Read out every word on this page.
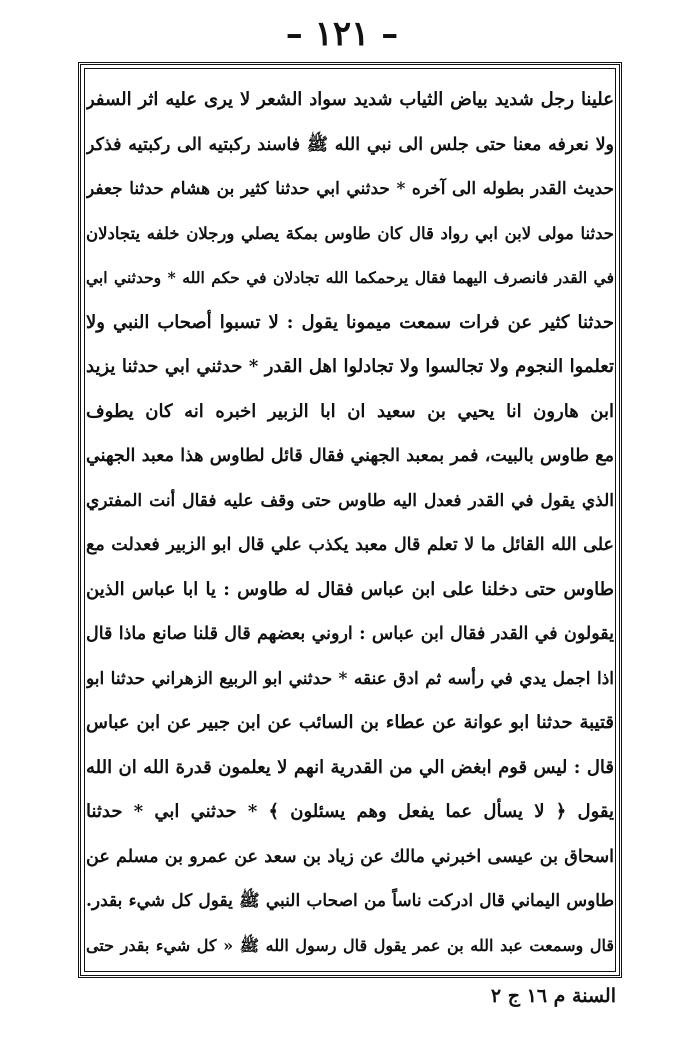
– ١٢١ –
علينا رجل شديد بياض الثياب شديد سواد الشعر لا يرى عليه اثر السفر
ولا نعرفه معنا حتى جلس الى نبي الله ﷺ فاسند ركبتيه الى ركبتيه فذكر
حديث القدر بطوله الى آخره * حدثني ابي حدثنا كثير بن هشام حدثنا جعفر
حدثنا مولى لابن ابي رواد قال كان طاوس بمكة يصلي ورجلان خلفه يتجادلان
في القدر فانصرف اليهما فقال يرحمكما الله تجادلان في حكم الله * وحدثني ابي
حدثنا كثير عن فرات سمعت ميمونا يقول : لا تسبوا أصحاب النبي ولا
تعلموا النجوم ولا تجالسوا ولا تجادلوا اهل القدر * حدثني ابي حدثنا يزيد
ابن هارون انا يحيي بن سعيد ان ابا الزبير اخبره انه كان يطوف
مع طاوس بالبيت، فمر بمعبد الجهني فقال قائل لطاوس هذا معبد الجهني
الذي يقول في القدر فعدل اليه طاوس حتى وقف عليه فقال أنت المفتري
على الله القائل ما لا تعلم قال معبد يكذب علي قال ابو الزبير فعدلت مع
طاوس حتى دخلنا على ابن عباس فقال له طاوس : يا ابا عباس الذين
يقولون في القدر فقال ابن عباس : اروني بعضهم قال قلنا صانع ماذا قال
اذا اجمل يدي في رأسه ثم ادق عنقه * حدثني ابو الربيع الزهراني حدثنا ابو
قتيبة حدثنا ابو عوانة عن عطاء بن السائب عن ابن جبير عن ابن عباس
قال : ليس قوم ابغض الي من القدرية انهم لا يعلمون قدرة الله ان الله
يقول ﴿ لا يسأل عما يفعل وهم يسئلون ﴾ * حدثني ابي * حدثنا
اسحاق بن عيسى اخبرني مالك عن زياد بن سعد عن عمرو بن مسلم عن
طاوس اليماني قال ادركت ناساً من اصحاب النبي ﷺ يقول كل شيء بقدر.
قال وسمعت عبد الله بن عمر يقول قال رسول الله ﷺ « كل شيء بقدر حتى
السنة م ١٦ ج ٢
